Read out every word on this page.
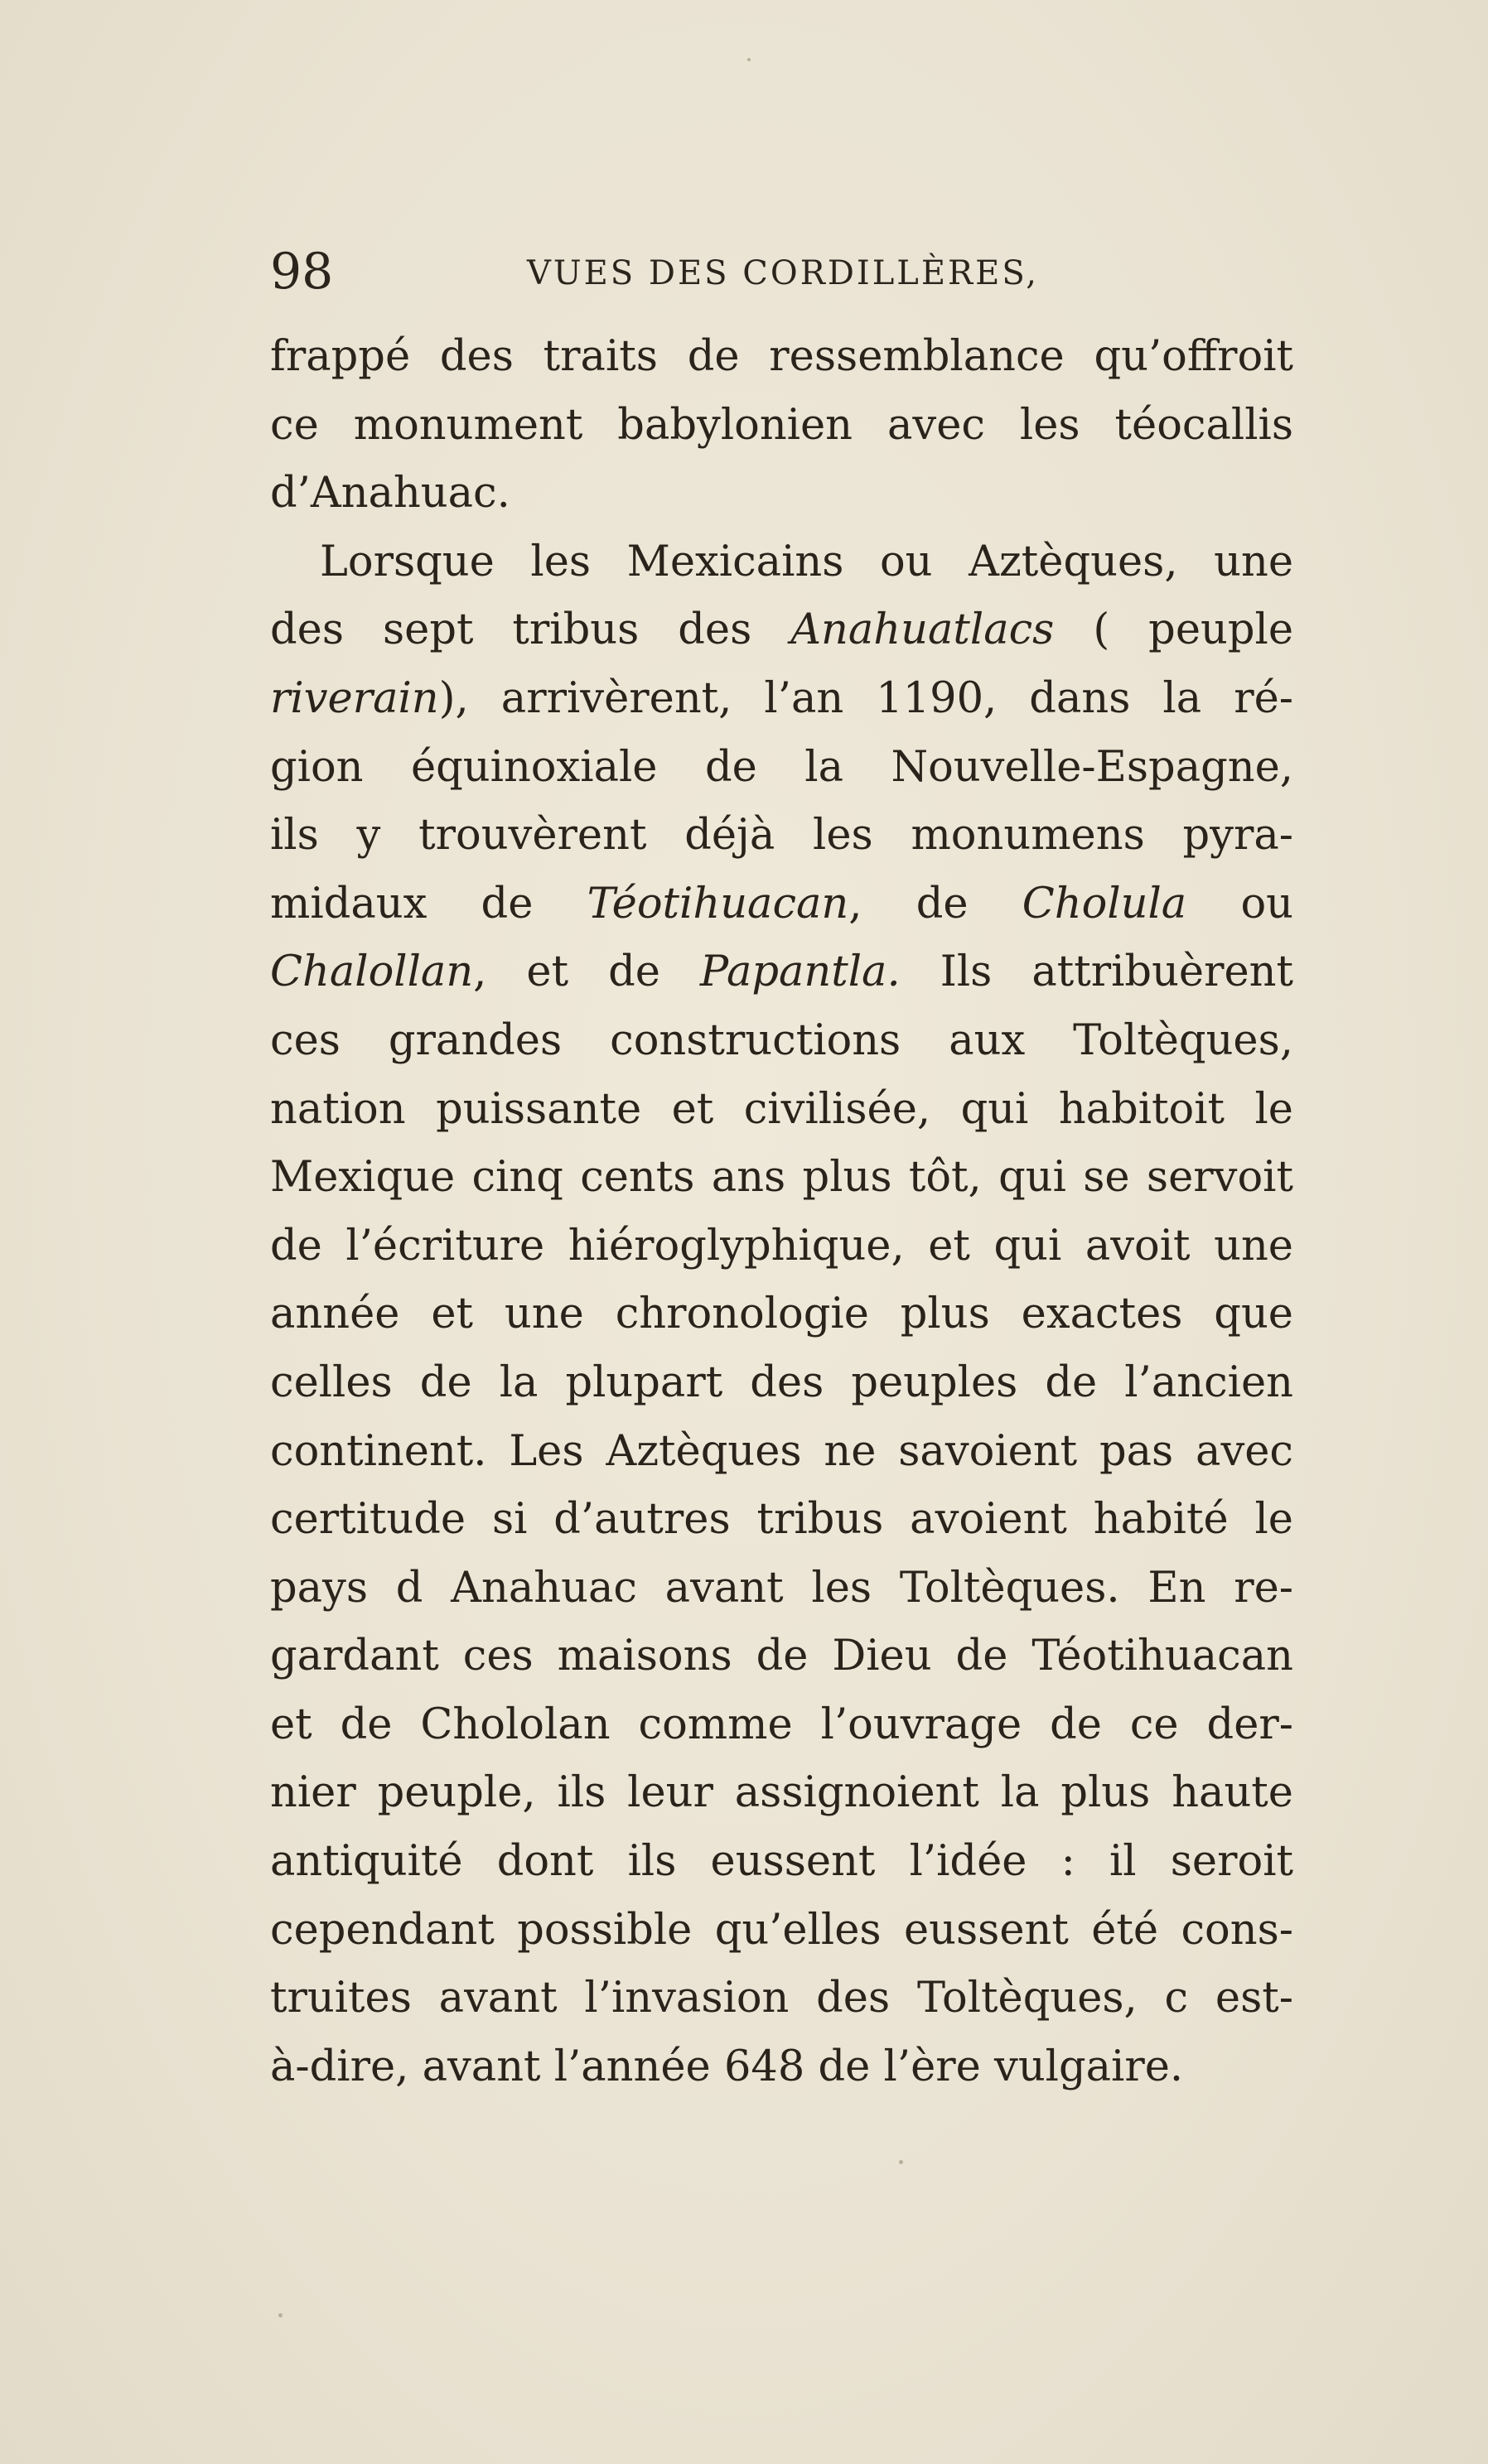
98	VUES DES CORDILLÈRES,
frappé des traits de ressemblance qu’offroit
ce monument babylonien avec les téocallis
d’Anahuac.
Lorsque les Mexicains ou Aztèques, une
des sept tribus des Anahuatlacs ( peuple
riverain), arrivèrent, l’an 1190, dans la ré-
gion équinoxiale de la Nouvelle-Espagne,
ils y trouvèrent déjà les monumens pyra-
midaux de Téotihuacan, de Cholula ou
Chalollan, et de Papantla. Ils attribuèrent
ces grandes constructions aux Toltèques,
nation puissante et civilisée, qui habitoit le
Mexique cinq cents ans plus tôt, qui se servoit
de l’écriture hiéroglyphique, et qui avoit une
année et une chronologie plus exactes que
celles de la plupart des peuples de l’ancien
continent. Les Aztèques ne savoient pas avec
certitude si d’autres tribus avoient habité le
pays d Anahuac avant les Toltèques. En re-
gardant ces maisons de Dieu de Téotihuacan
et de Chololan comme l’ouvrage de ce der-
nier peuple, ils leur assignoient la plus haute
antiquité dont ils eussent l’idée : il seroit
cependant possible qu’elles eussent été cons-
truites avant l’invasion des Toltèques, c est-
à-dire, avant l’année 648 de l’ère vulgaire.
